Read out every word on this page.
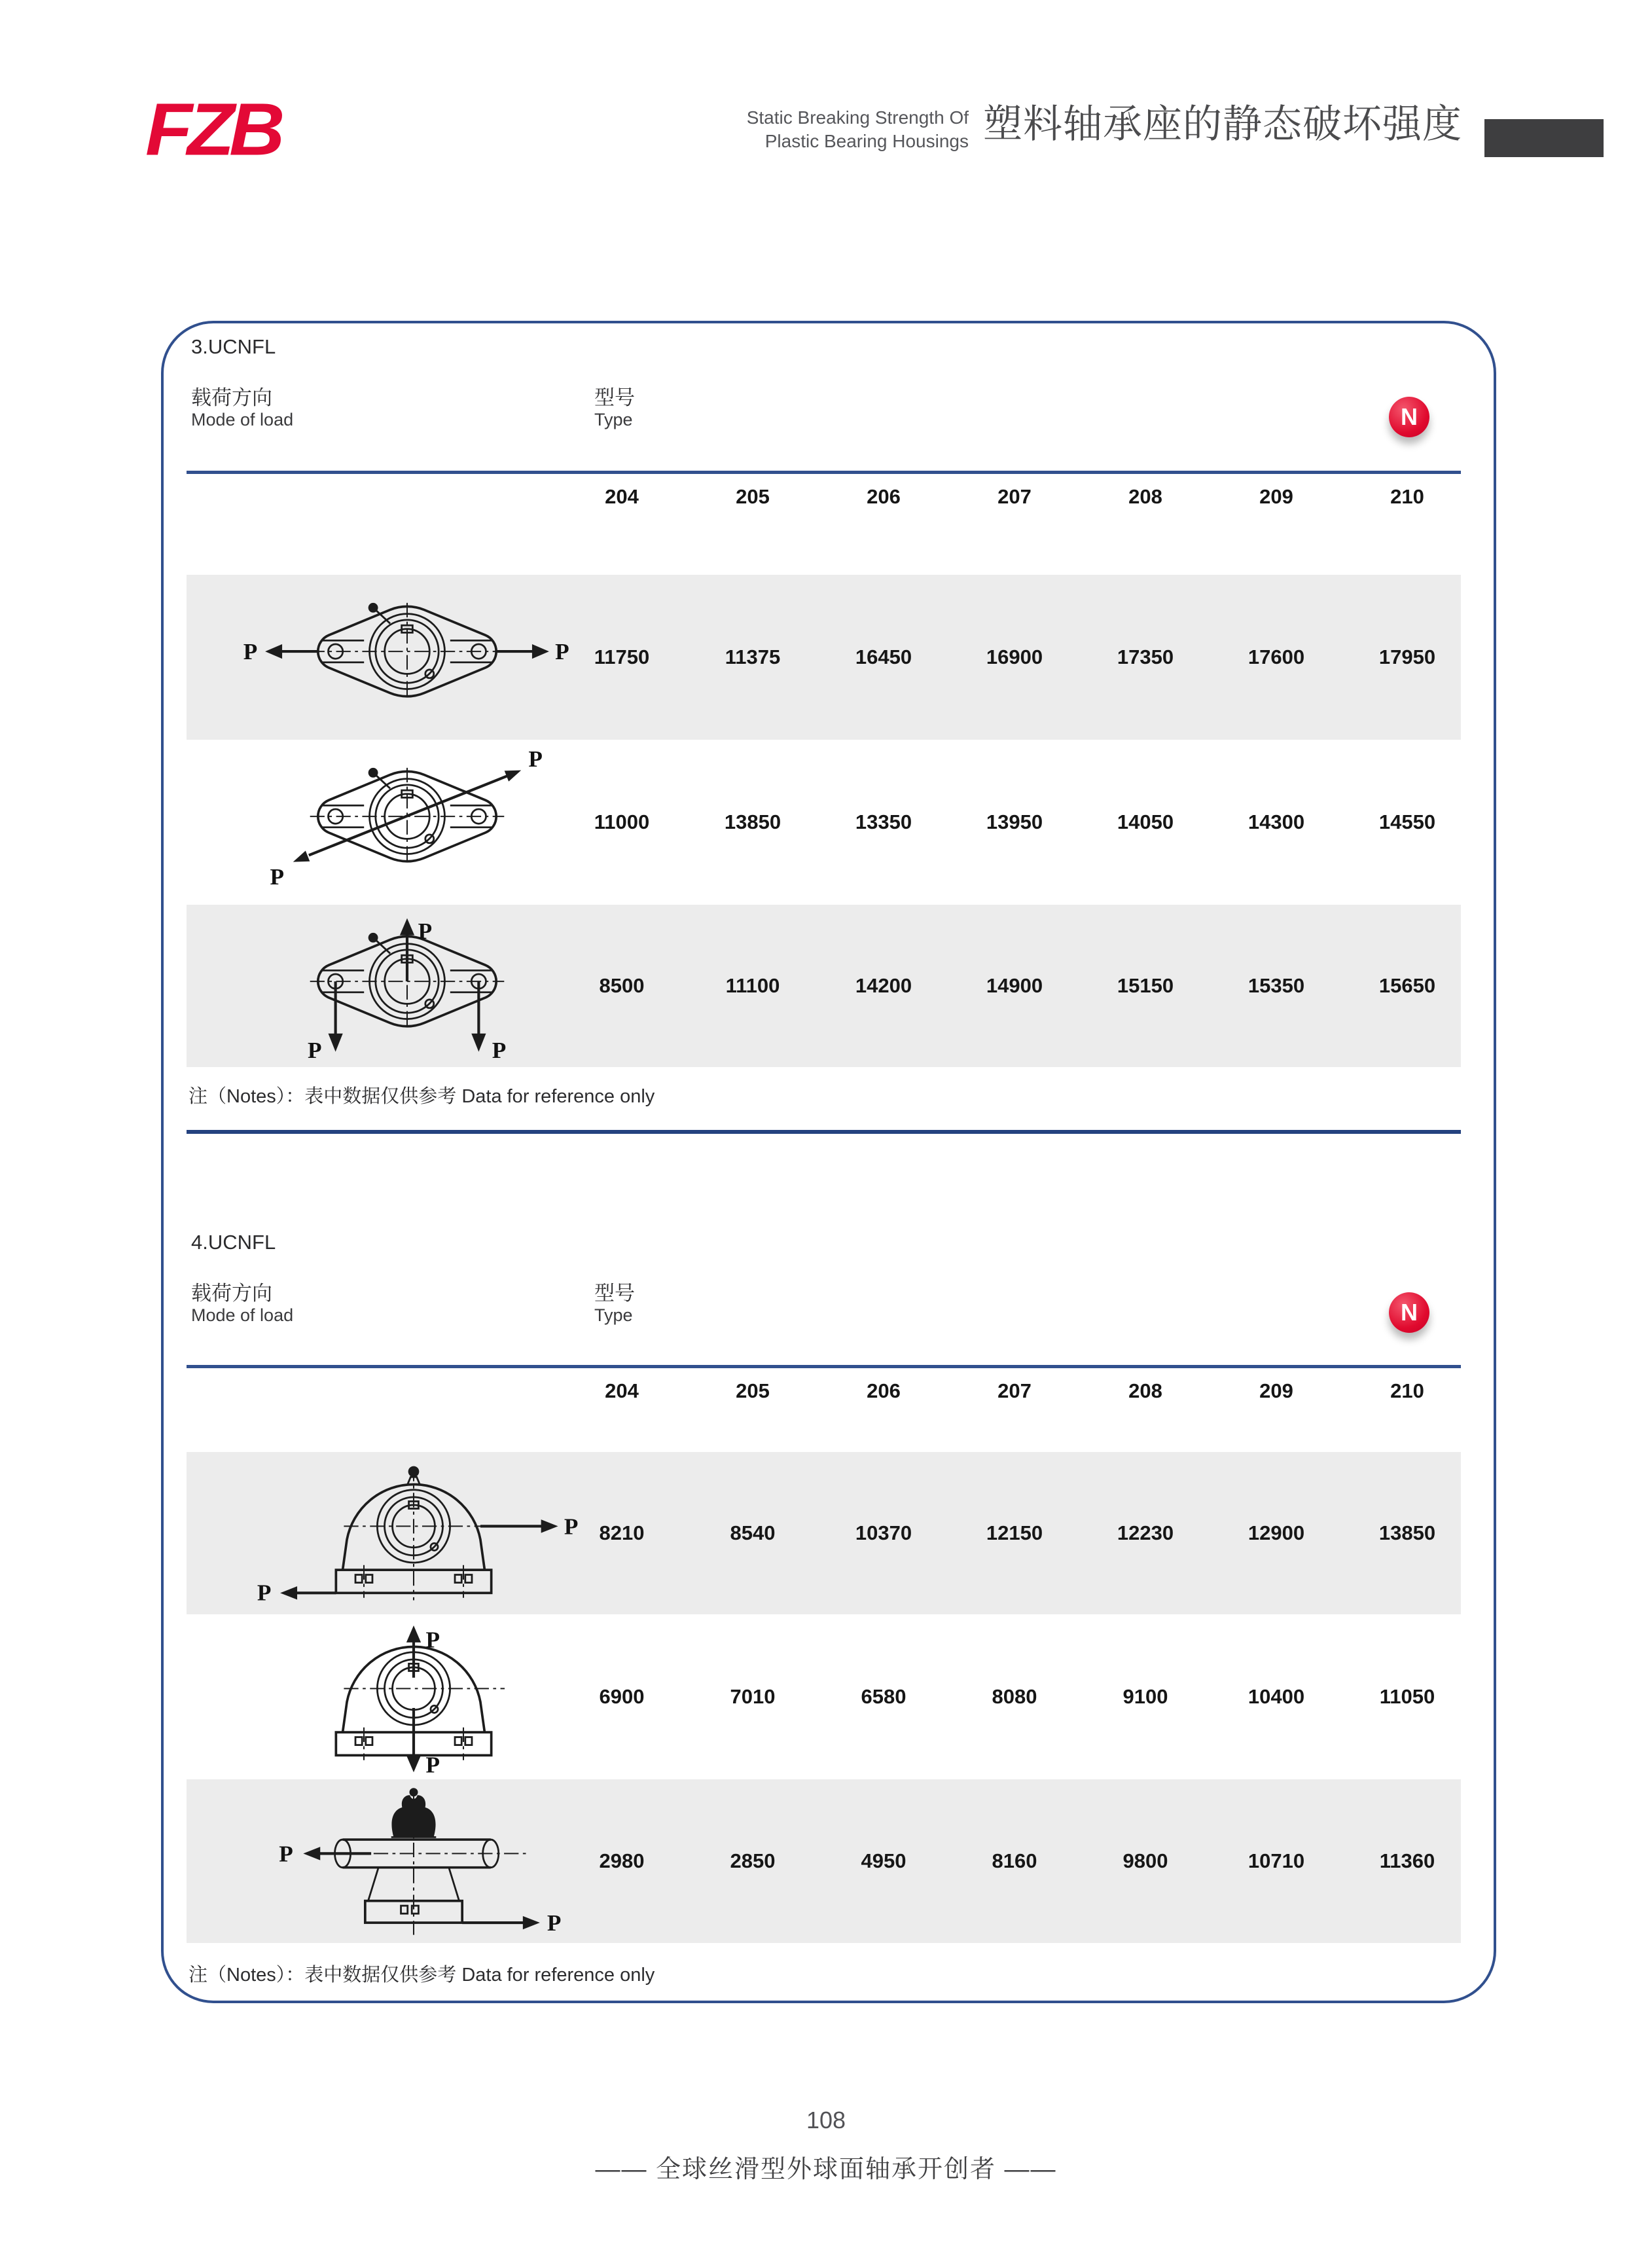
FZB	Static Breaking Strength Of
Plastic Bearing Housings 塑料轴承座的静态破坏强度
3.UCNFL
载荷方向
Mode of load
型号
Type	N
204	205	206	207	208	209	210
P	P	11750	11375	16450	16900	17350	17600	17950
P
P
11000	13850	13350	13950	14050	14300	14550
P
P	P
8500	11100	14200	14900	15150	15350	15650
注（Notes）：表中数据仅供参考 Data for reference only
4.UCNFL
载荷方向
Mode of load
型号
Type	N
204	205	206	207	208	209	210
P
P
8210	8540	10370	12150	12230	12900	13850
P
P
6900	7010	6580	8080	9100	10400	11050
P
P
2980	2850	4950	8160	9800	10710	11360
注（Notes）：表中数据仅供参考 Data for reference only
108
—— 全球丝滑型外球面轴承开创者 ——
